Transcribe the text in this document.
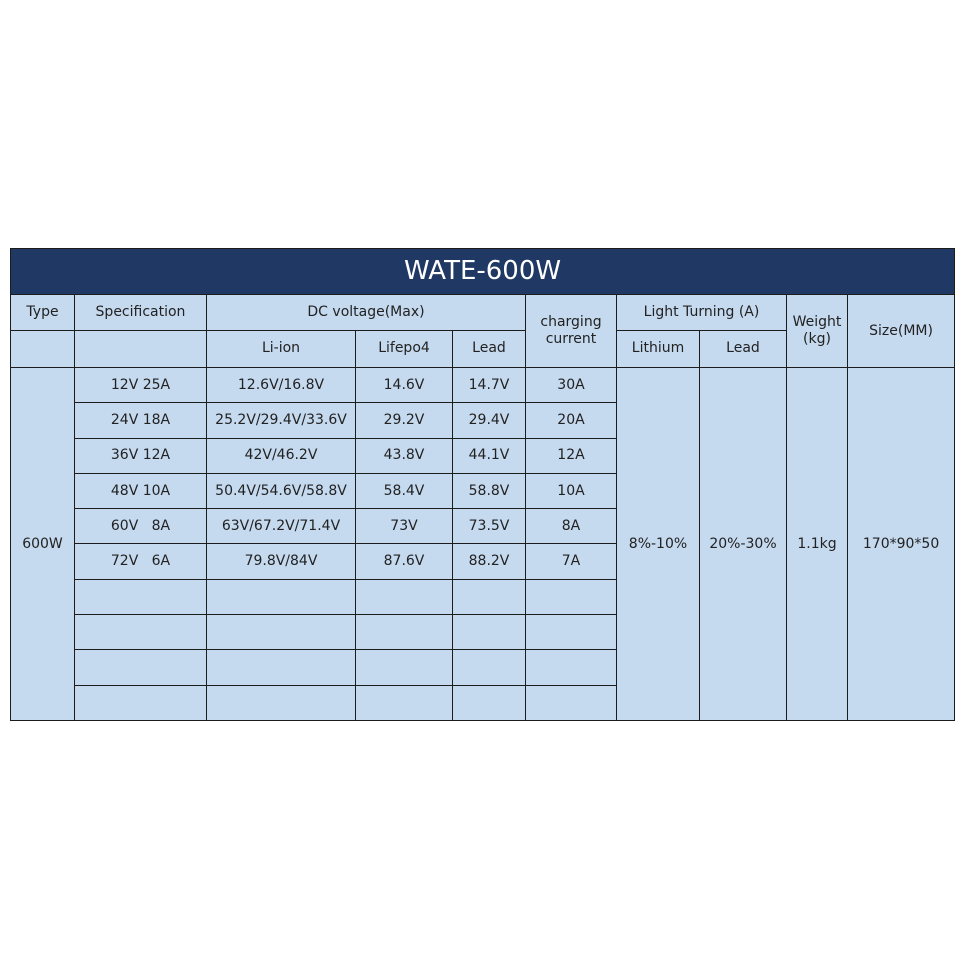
WATE-600W									
Type	Specification	DC voltage(Max)			charging current	Light Turning (A)		Weight (kg)	Size(MM)
		Li-ion	Lifepo4	Lead		Lithium	Lead		
600W	12V 25A	12.6V/16.8V	14.6V	14.7V	30A	8%-10%	20%-30%	1.1kg	170*90*50
	24V 18A	25.2V/29.4V/33.6V	29.2V	29.4V	20A				
	36V 12A	42V/46.2V	43.8V	44.1V	12A				
	48V 10A	50.4V/54.6V/58.8V	58.4V	58.8V	10A				
	60V   8A	63V/67.2V/71.4V	73V	73.5V	8A				
	72V   6A	79.8V/84V	87.6V	88.2V	7A				
